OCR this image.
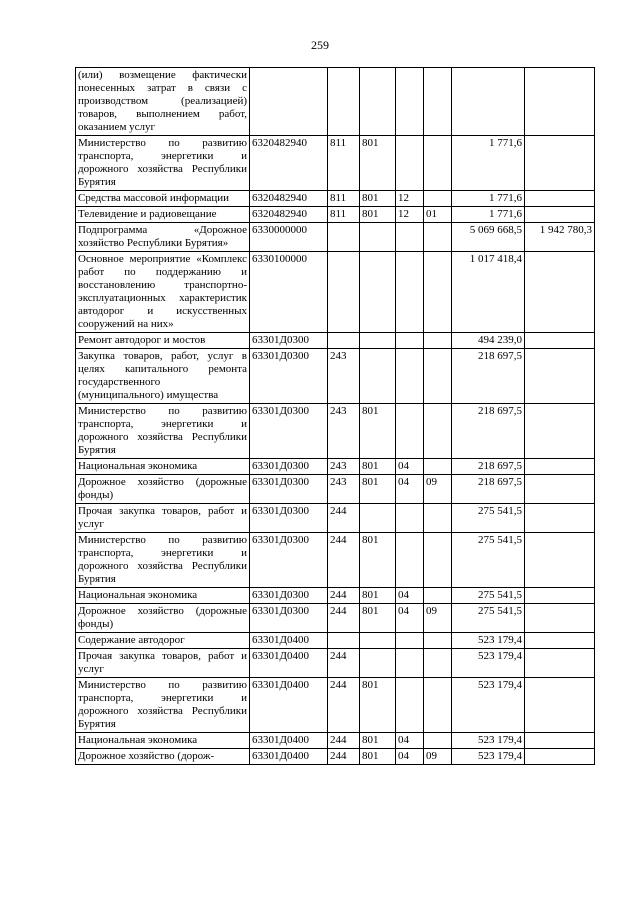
259
(или) возмещение фактически понесенных затрат в связи с производством (реализацией) товаров, выполнением работ, оказанием услуг							
Министерство по развитию транспорта, энергетики и дорожного хозяйства Республики Бурятия	6320482940	811	801			1 771,6	
Средства массовой информации	6320482940	811	801	12		1 771,6	
Телевидение и радиовещание	6320482940	811	801	12	01	1 771,6	
Подпрограмма «Дорожное хозяйство Республики Бурятия»	6330000000					5 069 668,5	1 942 780,3
Основное мероприятие «Комплекс работ по поддержанию и восстановлению транспортно-эксплуатационных характеристик автодорог и искусственных сооружений на них»	6330100000					1 017 418,4	
Ремонт автодорог и мостов	63301Д0300					494 239,0	
Закупка товаров, работ, услуг в целях капитального ремонта государственного (муниципального) имущества	63301Д0300	243				218 697,5	
Министерство по развитию транспорта, энергетики и дорожного хозяйства Республики Бурятия	63301Д0300	243	801			218 697,5	
Национальная экономика	63301Д0300	243	801	04		218 697,5	
Дорожное хозяйство (дорожные фонды)	63301Д0300	243	801	04	09	218 697,5	
Прочая закупка товаров, работ и услуг	63301Д0300	244				275 541,5	
Министерство по развитию транспорта, энергетики и дорожного хозяйства Республики Бурятия	63301Д0300	244	801			275 541,5	
Национальная экономика	63301Д0300	244	801	04		275 541,5	
Дорожное хозяйство (дорожные фонды)	63301Д0300	244	801	04	09	275 541,5	
Содержание автодорог	63301Д0400					523 179,4	
Прочая закупка товаров, работ и услуг	63301Д0400	244				523 179,4	
Министерство по развитию транспорта, энергетики и дорожного хозяйства Республики Бурятия	63301Д0400	244	801			523 179,4	
Национальная экономика	63301Д0400	244	801	04		523 179,4	
Дорожное хозяйство (дорож-	63301Д0400	244	801	04	09	523 179,4	
